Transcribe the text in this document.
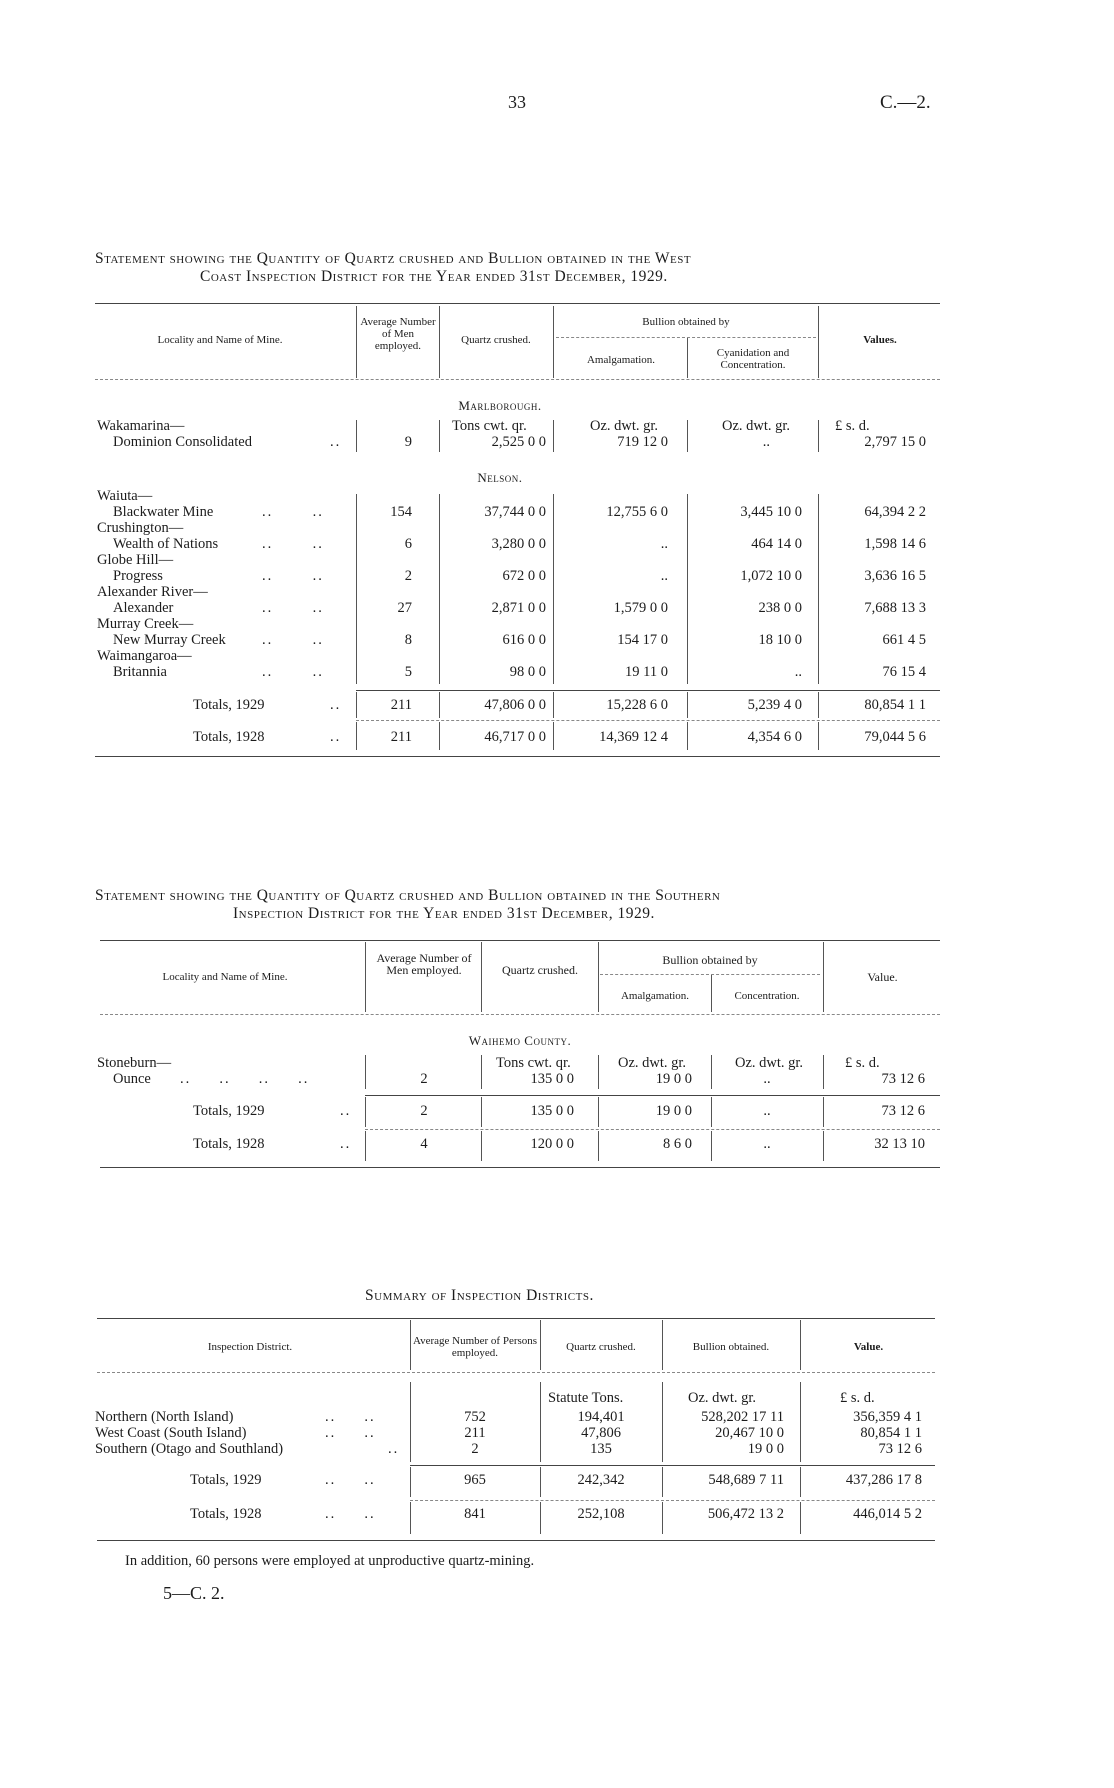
33	C.—2.
Statement showing the Quantity of Quartz crushed and Bullion obtained in the West
Coast Inspection District for the Year ended 31st December, 1929.
Locality and Name of Mine.
Average Number of Men employed.	Quartz crushed.
Bullion obtained by
Amalgamation.
Cyanidation and Concentration.
Values.
Marlborough.
Wakamarina—
Dominion Consolidated	..
Tons cwt. qr.	Oz. dwt. gr.	Oz. dwt. gr.	£ s. d.
9	2,525 0 0	719 12 0	..	2,797 15 0
Nelson.
Waiuta—
Blackwater Mine	..       ..	154	37,744 0 0	12,755 6 0	3,445 10 0	64,394 2 2
Crushington—
Wealth of Nations	..       ..	6	3,280 0 0	..	464 14 0	1,598 14 6
Globe Hill—
Progress	..       ..	2	672 0 0	..	1,072 10 0	3,636 16 5
Alexander River—
Alexander	..       ..	27	2,871 0 0	1,579 0 0	238 0 0	7,688 13 3
Murray Creek—
New Murray Creek	..       ..	8	616 0 0	154 17 0	18 10 0	661 4 5
Waimangaroa—
Britannia	..       ..	5	98 0 0	19 11 0	..	76 15 4
Totals, 1929	..	211	47,806 0 0	15,228 6 0	5,239 4 0	80,854 1 1
Totals, 1928	..	211	46,717 0 0	14,369 12 4	4,354 6 0	79,044 5 6
Statement showing the Quantity of Quartz crushed and Bullion obtained in the Southern
Inspection District for the Year ended 31st December, 1929.
Locality and Name of Mine.
Average Number of Men employed.	Quartz crushed.
Bullion obtained by
Amalgamation.	Concentration.
Value.
Waihemo County.
Stoneburn—
Ounce ..     ..     ..     ..
Tons cwt. qr.	Oz. dwt. gr.	Oz. dwt. gr.	£ s. d.
2	135 0 0	19 0 0	..	73 12 6
Totals, 1929	..	2	135 0 0	19 0 0	..	73 12 6
Totals, 1928	..	4	120 0 0	8 6 0	..	32 13 10
Summary of Inspection Districts.
Inspection District.	Average Number of Persons employed.	Quartz crushed.	Bullion obtained.	Value.
Statute Tons.	Oz. dwt. gr.	£ s. d.
Northern (North Island)	..     ..	752	194,401	528,202 17 11	356,359 4 1
West Coast (South Island)	..     ..	211	47,806	20,467 10 0	80,854 1 1
Southern (Otago and Southland)	..	2	135	19 0 0	73 12 6
Totals, 1929	..     ..	965	242,342	548,689 7 11	437,286 17 8
Totals, 1928	..     ..	841	252,108	506,472 13 2	446,014 5 2
In addition, 60 persons were employed at unproductive quartz-mining.
5—C. 2.
